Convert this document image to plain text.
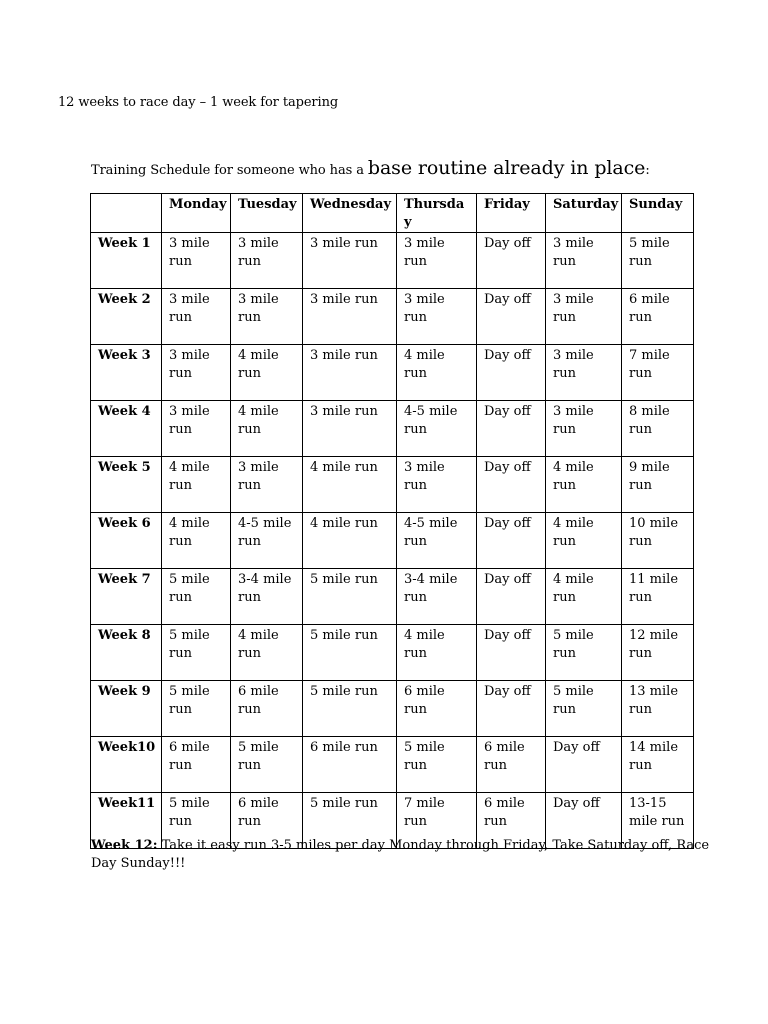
12 weeks to race day – 1 week for tapering
Training Schedule for someone who has a base routine already in place:
	Monday	Tuesday	Wednesday	Thursda y	Friday	Saturday	Sunday
Week 1	3 mile run	3 mile run	3 mile run	3 mile run	Day off	3 mile run	5 mile run
Week 2	3 mile run	3 mile run	3 mile run	3 mile run	Day off	3 mile run	6 mile run
Week 3	3 mile run	4 mile run	3 mile run	4 mile run	Day off	3 mile run	7 mile run
Week 4	3 mile run	4 mile run	3 mile run	4-5 mile run	Day off	3 mile run	8 mile run
Week 5	4 mile run	3 mile run	4 mile run	3 mile run	Day off	4 mile run	9 mile run
Week 6	4 mile run	4-5 mile run	4 mile run	4-5 mile run	Day off	4 mile run	10 mile run
Week 7	5 mile run	3-4 mile run	5 mile run	3-4 mile run	Day off	4 mile run	11 mile run
Week 8	5 mile run	4 mile run	5 mile run	4 mile run	Day off	5 mile run	12 mile run
Week 9	5 mile run	6 mile run	5 mile run	6 mile run	Day off	5 mile run	13 mile run
Week10	6 mile run	5 mile run	6 mile run	5 mile run	6 mile run	Day off	14 mile run
Week11	5 mile run	6 mile run	5 mile run	7 mile run	6 mile run	Day off	13-15 mile run
Week 12: Take it easy run 3-5 miles per day Monday through Friday, Take Saturday off, Race Day Sunday!!!
